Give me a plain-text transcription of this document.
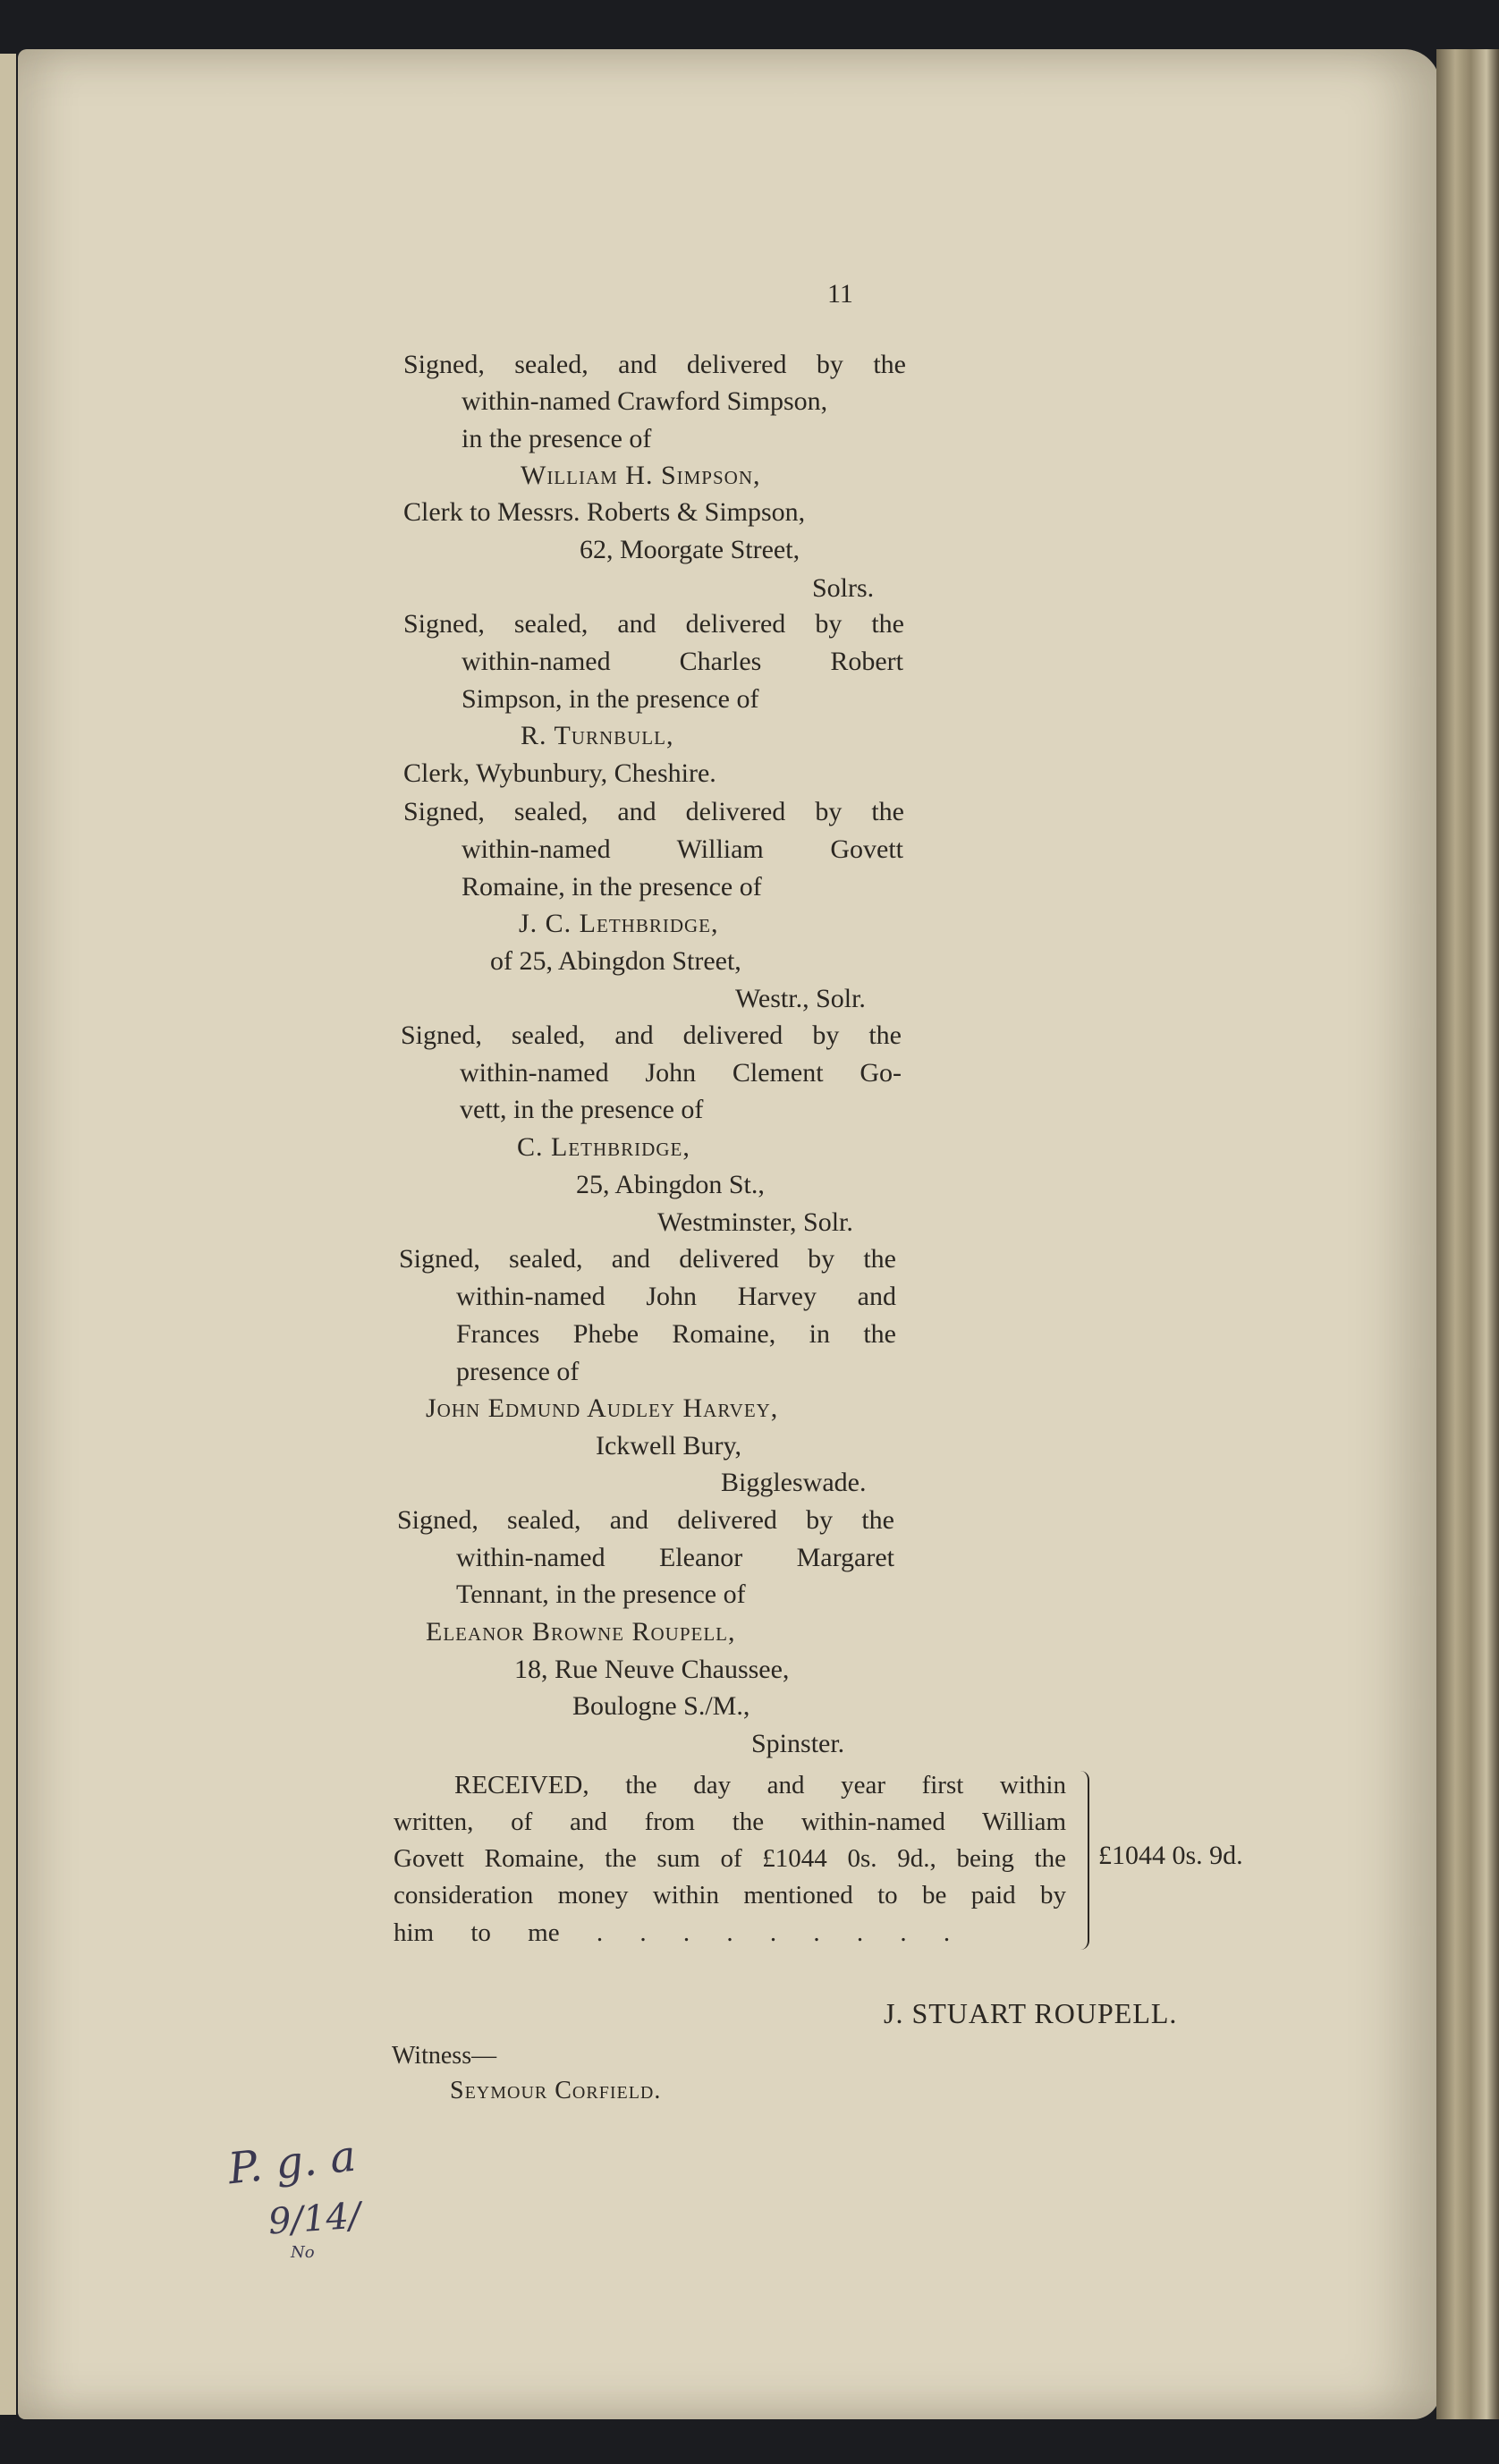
11
Signed, sealed, and delivered by the
within-named Crawford Simpson,
in the presence of
William H. Simpson,
Clerk to Messrs. Roberts & Simpson,
62, Moorgate Street,
Solrs.
Signed, sealed, and delivered by the
within-named Charles Robert
Simpson, in the presence of
R. Turnbull,
Clerk, Wybunbury, Cheshire.
Signed, sealed, and delivered by the
within-named William Govett
Romaine, in the presence of
J. C. Lethbridge,
of 25, Abingdon Street,
Westr., Solr.
Signed, sealed, and delivered by the
within-named John Clement Go-
vett, in the presence of
C. Lethbridge,
25, Abingdon St.,
Westminster, Solr.
Signed, sealed, and delivered by the
within-named John Harvey and
Frances Phebe Romaine, in the
presence of
John Edmund Audley Harvey,
Ickwell Bury,
Biggleswade.
Signed, sealed, and delivered by the
within-named Eleanor Margaret
Tennant, in the presence of
Eleanor Browne Roupell,
18, Rue Neuve Chaussee,
Boulogne S./M.,
Spinster.
RECEIVED, the day and year first within
written, of and from the within-named William
Govett Romaine, the sum of £1044 0s. 9d., being the
consideration money within mentioned to be paid by
him to me . . . . . . . . .
£1044 0s. 9d.
J. STUART ROUPELL.
Witness—
Seymour Corfield.
P. g. a
9/14/
No
